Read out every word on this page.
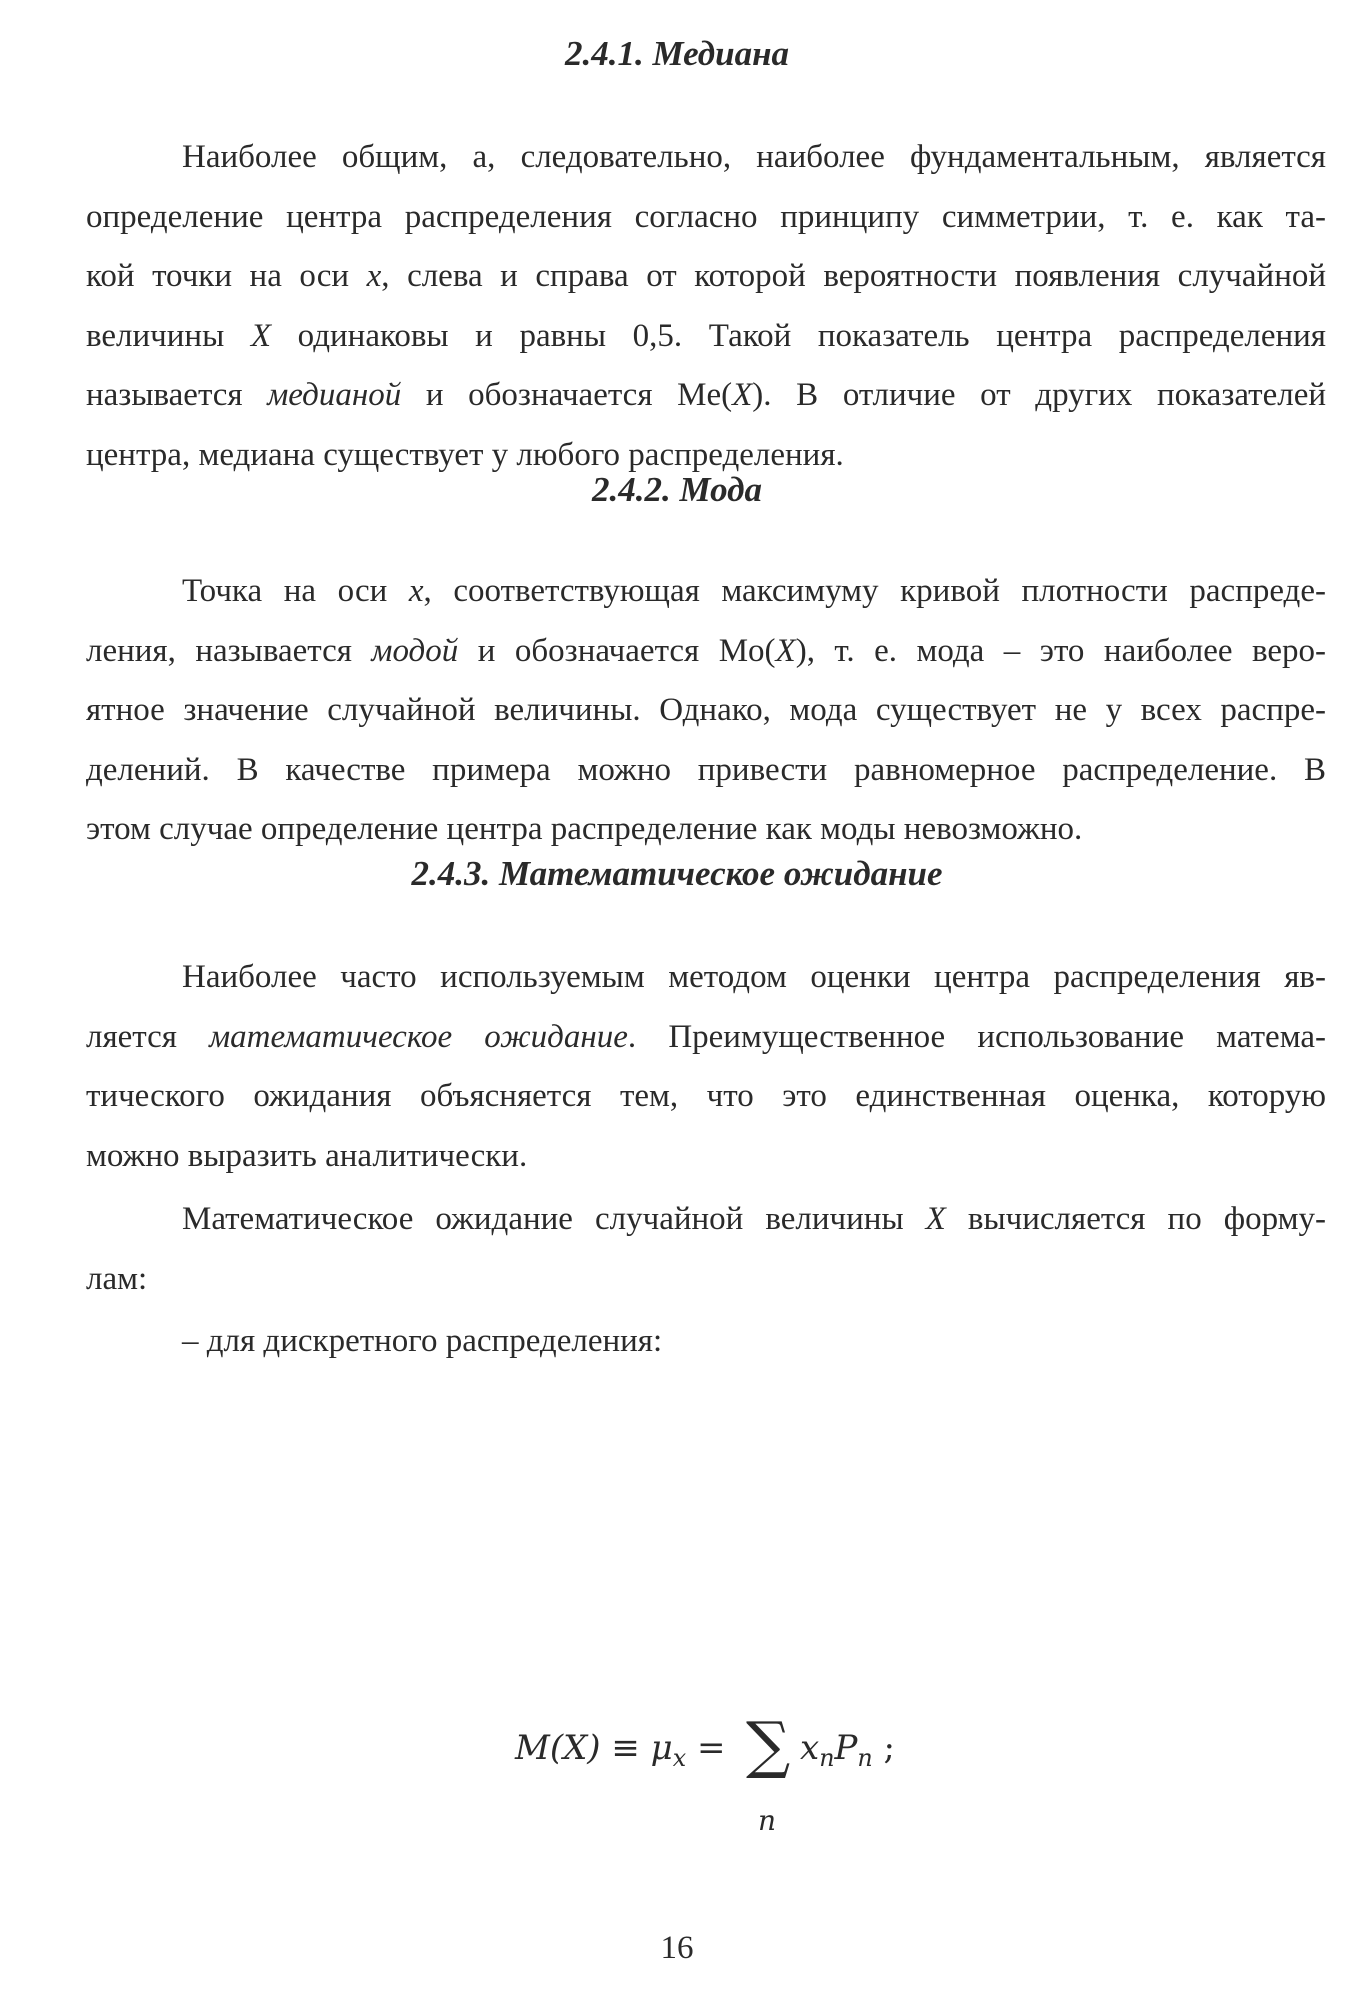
2.4.1. Медиана
Наиболее общим, а, следовательно, наиболее фундаментальным, является
определение центра распределения согласно принципу симметрии, т. е. как та-
кой точки на оси x, слева и справа от которой вероятности появления случайной
величины X одинаковы и равны 0,5. Такой показатель центра распределения
называется медианой и обозначается Me(X). В отличие от других показателей
центра, медиана существует у любого распределения.
2.4.2. Мода
Точка на оси x, соответствующая максимуму кривой плотности распреде-
ления, называется модой и обозначается Mo(X), т. е. мода – это наиболее веро-
ятное значение случайной величины. Однако, мода существует не у всех распре-
делений. В качестве примера можно привести равномерное распределение. В
этом случае определение центра распределение как моды невозможно.
2.4.3. Математическое ожидание
Наиболее часто используемым методом оценки центра распределения яв-
ляется математическое ожидание. Преимущественное использование матема-
тического ожидания объясняется тем, что это единственная оценка, которую
можно выразить аналитически.
Математическое ожидание случайной величины X вычисляется по форму-
лам:
– для дискретного распределения:
$M(X) \equiv \mu_x$ = ∑
n
$x_nP_n$ ;
16
